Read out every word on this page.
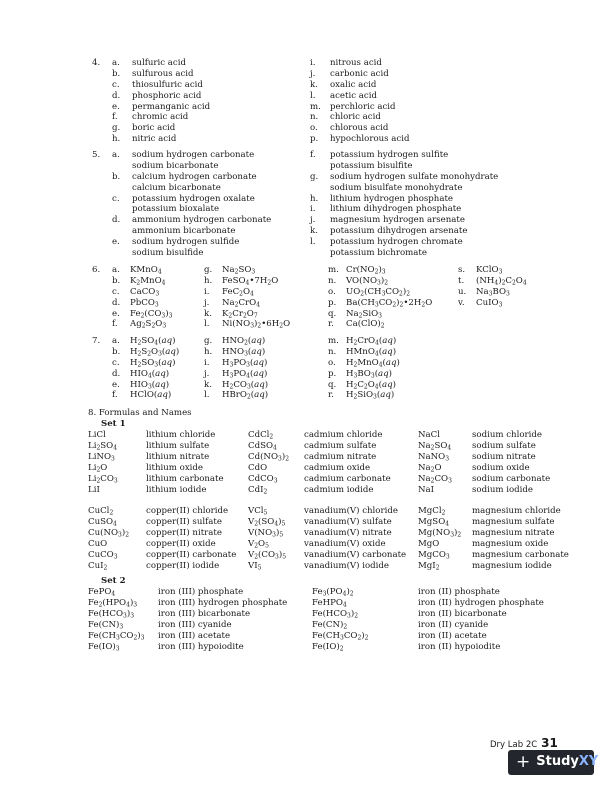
4. a.	sulfuric acid
b.	sulfurous acid
c.	thiosulfuric acid
d.	phosphoric acid
e.	permanganic acid
f.	chromic acid
g.	boric acid
h.	nitric acid
i.	nitrous acid
j.	carbonic acid
k.	oxalic acid
l.	acetic acid
m.	perchloric acid
n.	chloric acid
o.	chlorous acid
p.	hypochlorous acid
5. a.	sodium hydrogen carbonate
sodium bicarbonate
b.	calcium hydrogen carbonate
calcium bicarbonate
c.	potassium hydrogen oxalate
potassium bioxalate
d.	ammonium hydrogen carbonate
ammonium bicarbonate
e.	sodium hydrogen sulfide
sodium bisulfide
f.	potassium hydrogen sulfite
potassium bisulfite
g.	sodium hydrogen sulfate monohydrate
sodium bisulfate monohydrate
h.	lithium hydrogen phosphate
i.	lithium dihydrogen phosphate
j.	magnesium hydrogen arsenate
k.	potassium dihydrogen arsenate
l.	potassium hydrogen chromate
potassium bichromate
6. a.	KMnO$_4$
b.	$K_2MnO_4$
c.	CaCO$_3$
d.	PbCO$_3$
e.	$Fe_2(CO_3)_3$
f.	$Ag_2S_2O_3$
g.	$Na_2SO_3$
h.	$FeSO_4•7H_2O$
i.	$FeC_2O_4$
j.	$Na_2CrO_4$
k.	$K_2Cr_2O_7$
l.	$Ni(NO_3)_2•6H_2O$
m. $Cr(NO_2)_3$
n.	$VO(NO_3)_2$
o.	$UO_2(CH_3CO_2)_2$
p.	$Ba(CH_3CO_2)_2•2H_2O$
q.	$Na_2SiO_3$
r.	$Ca(ClO)_2$
s.	KClO$_3$
t.	$(NH_4)_2C_2O_4$
u.	$Na_3BO_3$
v.	CuIO$_3$
7. a.	$H_2SO_4(aq)$
b.	$H_2S_2O_3(aq)$
c.	$H_2SO_3(aq)$
d.	$HIO_4(aq)$
e.	$HIO_3(aq)$
f.	HClO(aq)
g.	$HNO_2(aq)$
h.	$HNO_3(aq)$
i.	$H_3PO_3(aq)$
j.	$H_3PO_4(aq)$
k.	$H_2CO_3(aq)$
l.	HBrO$_2$(aq)
m. $H_2CrO_4(aq)$
n.	HMnO$_4$(aq)
o.	$H_2MnO_4(aq)$
p.	$H_3BO_3(aq)$
q.	$H_2C_2O_4(aq)$
r.	$H_2SiO_3(aq)$
8. Formulas and Names
Set 1
LiCl	lithium chloride	CdCl$_2$	cadmium chloride	NaCl	sodium chloride
$Li_2SO_4$	lithium sulfate	CdSO$_4$	cadmium sulfate	$Na_2SO_4$ sodium sulfate
LiNO$_3$	lithium nitrate	$Cd(NO_3)_2$ cadmium nitrate	NaNO$_3$	sodium nitrate
$Li_2O$	lithium oxide	CdO	cadmium oxide	$Na_2O$	sodium oxide
$Li_2CO_3$	lithium carbonate	CdCO$_3$	cadmium carbonate	$Na_2CO_3$ sodium carbonate
LiI	lithium iodide	CdI$_2$	cadmium iodide	NaI	sodium iodide
CuCl$_2$	copper(II) chloride VCl$_5$	vanadium(V) chloride MgCl$_2$	magnesium chloride
CuSO$_4$	copper(II) sulfate	$V_2(SO_4)_5$ vanadium(V) sulfate	MgSO$_4$	magnesium sulfate
$Cu(NO_3)_2$ copper(II) nitrate	$V(NO_3)_5$ vanadium(V) nitrate	$Mg(NO_3)_2$ magnesium nitrate
CuO	copper(II) oxide	$V_2O_5$	vanadium(V) oxide	MgO	magnesium oxide
CuCO$_3$	copper(II) carbonate $V_2(CO_3)_5$ vanadium(V) carbonate MgCO$_3$	magnesium carbonate
CuI$_2$	copper(II) iodide	$VI_5$	vanadium(V) iodide	MgI$_2$	magnesium iodide
Set 2
FePO$_4$	iron (III) phosphate	$Fe_3(PO_4)_2$	iron (II) phosphate
$Fe_2(HPO_4)_3$ iron (III) hydrogen phosphate	FeHPO$_4$	iron (II) hydrogen phosphate
$Fe(HCO_3)_3$	iron (III) bicarbonate	$Fe(HCO_3)_2$	iron (II) bicarbonate
$Fe(CN)_3$	iron (III) cyanide	$Fe(CN)_2$	iron (II) cyanide
$Fe(CH_3CO_2)_3$ iron (III) acetate	$Fe(CH_3CO_2)_2$	iron (II) acetate
$Fe(IO)_3$	iron (III) hypoiodite	$Fe(IO)_2$	iron (II) hypoiodite
Dry Lab 2C 31
+ Study XY
